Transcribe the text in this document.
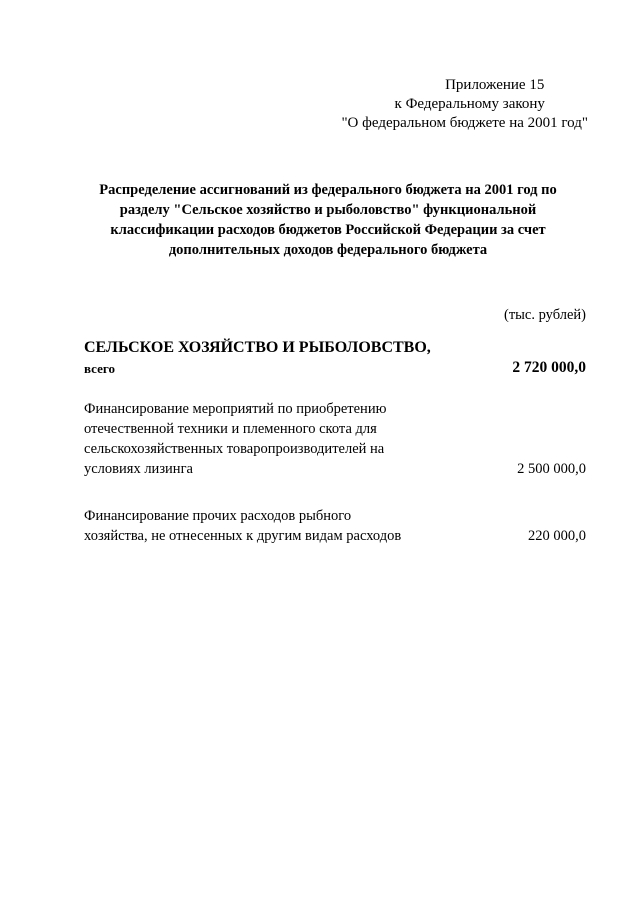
Приложение 15
к Федеральному закону
"О федеральном бюджете на 2001 год"
Распределение ассигнований из федерального бюджета на 2001 год по разделу "Сельское хозяйство и рыболовство" функциональной классификации расходов бюджетов Российской Федерации за счет дополнительных доходов федерального бюджета
(тыс. рублей)
СЕЛЬСКОЕ ХОЗЯЙСТВО И РЫБОЛОВСТВО,
всего	2 720 000,0
Финансирование мероприятий по приобретению отечественной техники и племенного скота для сельскохозяйственных товаропроизводителей на условиях лизинга	2 500 000,0
Финансирование прочих расходов рыбного хозяйства, не отнесенных к другим видам расходов	220 000,0
